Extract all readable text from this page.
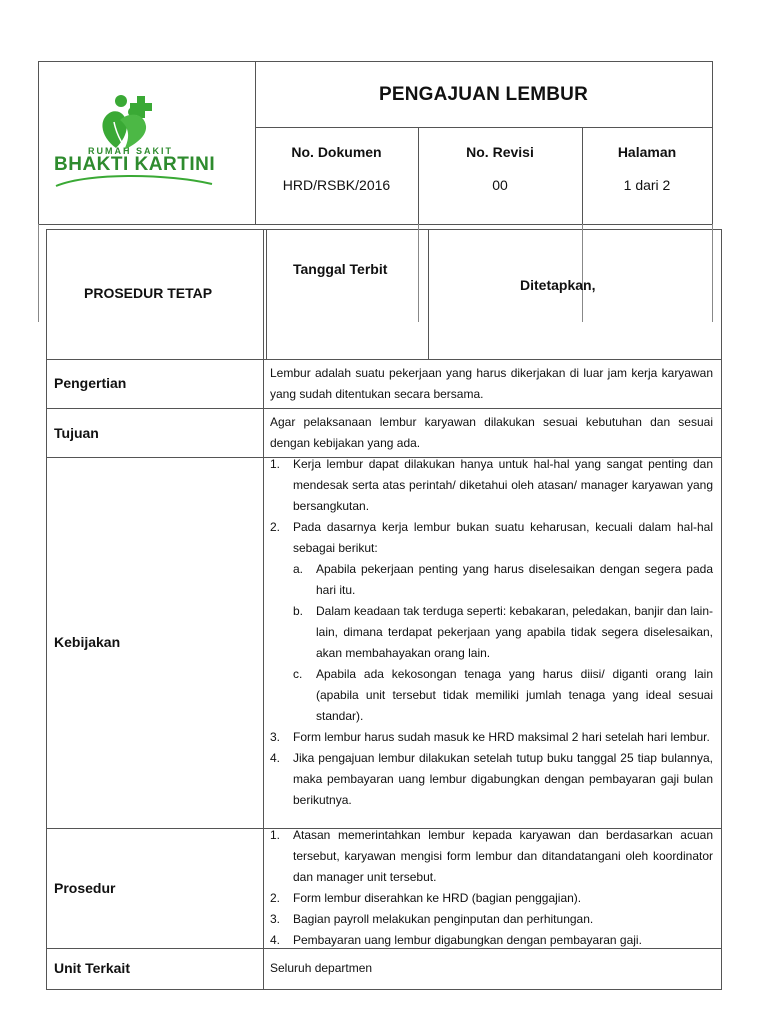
RUMAH SAKIT
BHAKTI KARTINI
PENGAJUAN LEMBUR
No. Dokumen
HRD/RSBK/2016
No. Revisi
00
Halaman
1 dari 2
PROSEDUR TETAP
Tanggal Terbit
Ditetapkan,
Pengertian
Lembur adalah suatu pekerjaan yang harus dikerjakan di luar jam kerja karyawan yang sudah ditentukan secara bersama.
Tujuan
Agar pelaksanaan lembur karyawan dilakukan sesuai kebutuhan dan sesuai dengan kebijakan yang ada.
Kebijakan
1. Kerja lembur dapat dilakukan hanya untuk hal-hal yang sangat penting dan mendesak serta atas perintah/ diketahui oleh atasan/ manager karyawan yang bersangkutan.
2. Pada dasarnya kerja lembur bukan suatu keharusan, kecuali dalam hal-hal sebagai berikut:
a. Apabila pekerjaan penting yang harus diselesaikan dengan segera pada hari itu.
b. Dalam keadaan tak terduga seperti: kebakaran, peledakan, banjir dan lain-lain, dimana terdapat pekerjaan yang apabila tidak segera diselesaikan, akan membahayakan orang lain.
c. Apabila ada kekosongan tenaga yang harus diisi/ diganti orang lain (apabila unit tersebut tidak memiliki jumlah tenaga yang ideal sesuai standar).
3. Form lembur harus sudah masuk ke HRD maksimal 2 hari setelah hari lembur.
4. Jika pengajuan lembur dilakukan setelah tutup buku tanggal 25 tiap bulannya, maka pembayaran uang lembur digabungkan dengan pembayaran gaji bulan berikutnya.
Prosedur
1. Atasan memerintahkan lembur kepada karyawan dan berdasarkan acuan tersebut, karyawan mengisi form lembur dan ditandatangani oleh koordinator dan manager unit tersebut.
2. Form lembur diserahkan ke HRD (bagian penggajian).
3. Bagian payroll melakukan penginputan dan perhitungan.
4. Pembayaran uang lembur digabungkan dengan pembayaran gaji.
Unit Terkait	Seluruh departmen
